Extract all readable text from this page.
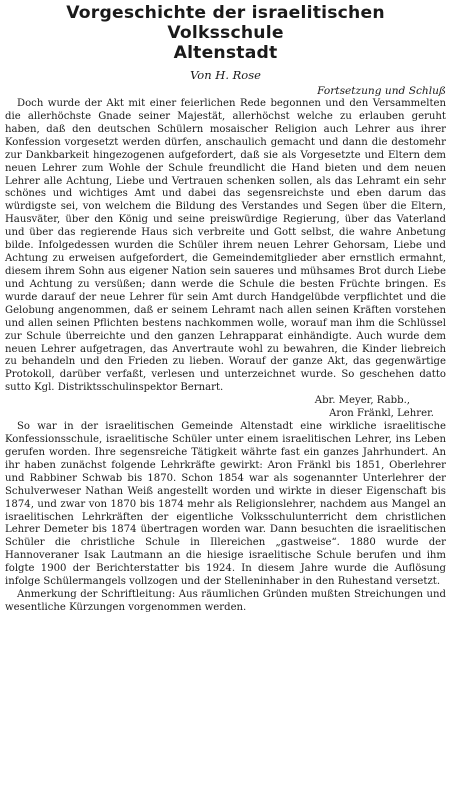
Vorgeschichte der israelitischen Volksschule
Altenstadt
Von H. Rose
Fortsetzung und Schluß

Doch wurde der Akt mit einer feierlichen Rede begonnen und den Versammelten die allerhöchste Gnade seiner Majestät, allerhöchst welche zu erlauben geruht haben, daß den deutschen Schülern mosaischer Religion auch Lehrer aus ihrer Konfession vorgesetzt werden dürfen, anschaulich gemacht und dann die destomehr zur Dankbarkeit hingezogenen aufgefordert, daß sie als Vorgesetzte und Eltern dem neuen Lehrer zum Wohle der Schule freundlicht die Hand bieten und dem neuen Lehrer alle Achtung, Liebe und Vertrauen schenken sollen, als das Lehramt ein sehr schönes und wichtiges Amt und dabei das segensreichste und eben darum das würdigste sei, von welchem die Bildung des Verstandes und Segen über die Eltern, Hausväter, über den König und seine preiswürdige Regierung, über das Vaterland und über das regierende Haus sich verbreite und Gott selbst, die wahre Anbetung bilde. Infolgedessen wurden die Schüler ihrem neuen Lehrer Gehorsam, Liebe und Achtung zu erweisen aufgefordert, die Gemeindemitglieder aber ernstlich ermahnt, diesem ihrem Sohn aus eigener Nation sein saueres und mühsames Brot durch Liebe und Achtung zu versüßen; dann werde die Schule die besten Früchte bringen. Es wurde darauf der neue Lehrer für sein Amt durch Handgelübde verpflichtet und die Gelobung angenommen, daß er seinem Lehramt nach allen seinen Kräften vorstehen und allen seinen Pflichten bestens nachkommen wolle, worauf man ihm die Schlüssel zur Schule überreichte und den ganzen Lehrapparat einhändigte. Auch wurde dem neuen Lehrer aufgetragen, das Anvertraute wohl zu bewahren, die Kinder liebreich zu behandeln und den Frieden zu lieben. Worauf der ganze Akt, das gegenwärtige Protokoll, darüber verfaßt, verlesen und unterzeichnet wurde. So geschehen datto sutto Kgl. Distriktsschulinspektor Bernart.

Abr. Meyer, Rabb.,

Aron Fränkl, Lehrer.

So war in der israelitischen Gemeinde Altenstadt eine wirkliche israelitische Konfessionsschule, israelitische Schüler unter einem israelitischen Lehrer, ins Leben gerufen worden. Ihre segensreiche Tätigkeit währte fast ein ganzes Jahrhundert. An ihr haben zunächst folgende Lehrkräfte gewirkt: Aron Fränkl bis 1851, Oberlehrer und Rabbiner Schwab bis 1870. Schon 1854 war als sogenannter Unterlehrer der Schulverweser Nathan Weiß angestellt worden und wirkte in dieser Eigenschaft bis 1874, und zwar von 1870 bis 1874 mehr als Religionslehrer, nachdem aus Mangel an israelitischen Lehrkräften der eigentliche Volksschulunterricht dem christlichen Lehrer Demeter bis 1874 übertragen worden war. Dann besuchten die israelitischen Schüler die christliche Schule in Illereichen „gastweise“. 1880 wurde der Hannoveraner Isak Lautmann an die hiesige israelitische Schule berufen und ihm folgte 1900 der Berichterstatter bis 1924. In diesem Jahre wurde die Auflösung infolge Schülermangels vollzogen und der Stelleninhaber in den Ruhestand versetzt.

Anmerkung der Schriftleitung: Aus räumlichen Gründen mußten Streichungen und wesentliche Kürzungen vorgenommen werden.
